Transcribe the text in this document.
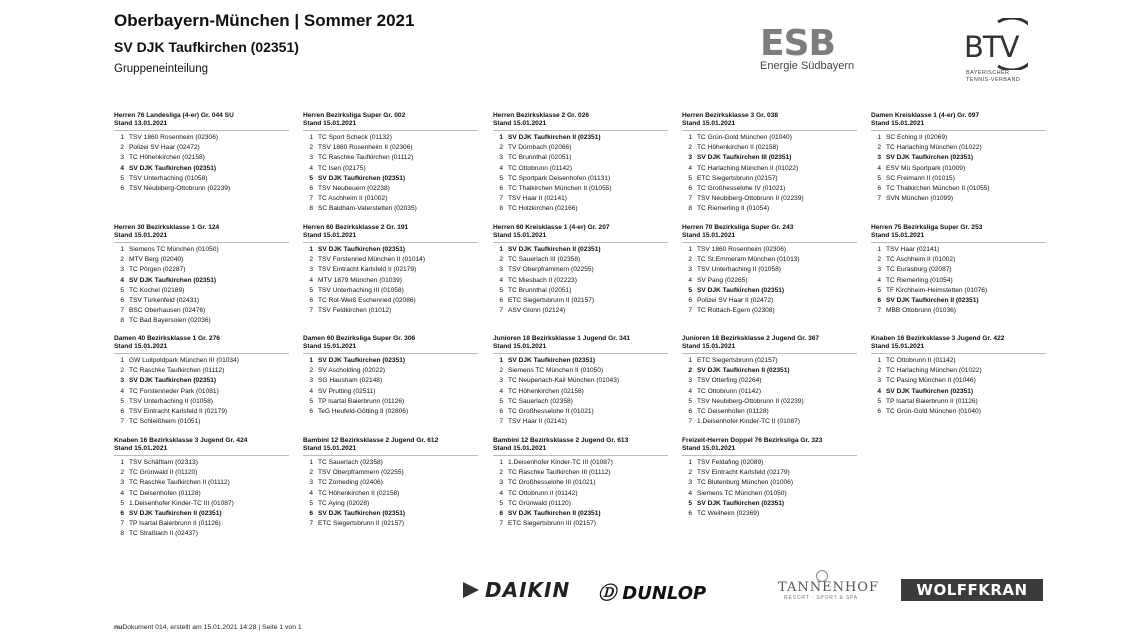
Oberbayern-München | Sommer 2021
SV DJK Taufkirchen (02351)
Gruppeneinteilung
ESB
Energie Südbayern
BTV
BAYERISCHER
TENNIS-VERBAND
Herren 76 Landesliga (4-er) Gr. 044 SU
Stand 13.01.2021
1 TSV 1860 Rosenheim (02306)
2 Polizei SV Haar (02472)
3 TC Höhenkirchen (02158)
4 SV DJK Taufkirchen (02351)
5 TSV Unterhaching (01058)
6 TSV Neubiberg-Ottobrunn (02239)
Herren Bezirksliga Super Gr. 002
Stand 15.01.2021
1 TC Sport Scheck (01132)
2 TSV 1860 Rosenheim II (02306)
3 TC Raschke Taufkirchen (01112)
4 TC Isen (02175)
5 SV DJK Taufkirchen (02351)
6 TSV Neubeuern (02238)
7 TC Aschheim II (01002)
8 SC Baldham-Vaterstetten (02035)
Herren Bezirksklasse 2 Gr. 026
Stand 15.01.2021
1 SV DJK Taufkirchen II (02351)
2 TV Dürnbach (02066)
3 TC Brunnthal (02051)
4 TC Ottobrunn (01142)
5 TC Sportpark Deisenhofen (01131)
6 TC Thalkirchen München II (01055)
7 TSV Haar II (02141)
8 TC Holzkirchen (02166)
Herren Bezirksklasse 3 Gr. 038
Stand 15.01.2021
1 TC Grün-Gold München (01040)
2 TC Höhenkirchen II (02158)
3 SV DJK Taufkirchen III (02351)
4 TC Harlaching München II (01022)
5 ETC Siegertsbrunn (02157)
6 TC Großhesselohe IV (01021)
7 TSV Neubiberg-Ottobrunn II (02239)
8 TC Riemerling II (01054)
Damen Kreisklasse 1 (4-er) Gr. 097
Stand 15.01.2021
1 SC Eching II (02069)
2 TC Harlaching München (01022)
3 SV DJK Taufkirchen (02351)
4 ESV Mü Sportpark (01009)
5 SC Freimann II (01015)
6 TC Thalkirchen München II (01055)
7 SVN München (01099)
Herren 30 Bezirksklasse 1 Gr. 124
Stand 15.01.2021
1 Siemens TC München (01050)
2 MTV Berg (02040)
3 TC Pörgen (02287)
4 SV DJK Taufkirchen (02351)
5 TC Kochel (02189)
6 TSV Türkenfeld (02431)
7 BSC Oberhausen (02476)
8 TC Bad Bayersoien (02036)
Herren 60 Bezirksklasse 2 Gr. 191
Stand 15.01.2021
1 SV DJK Taufkirchen (02351)
2 TSV Forstenried München II (01014)
3 TSV Eintracht Karlsfeld II (02179)
4 MTV 1879 München (01039)
5 TSV Unterhaching III (01058)
6 TC Rot-Weiß Eschenried (02086)
7 TSV Feldkirchen (01012)
Herren 60 Kreisklasse 1 (4-er) Gr. 207
Stand 15.01.2021
1 SV DJK Taufkirchen II (02351)
2 TC Sauerlach III (02358)
3 TSV Oberpframmern (02255)
4 TC Miesbach II (02223)
5 TC Brunnthal (02051)
6 ETC Siegertsbrunn II (02157)
7 ASV Glonn (02124)
Herren 70 Bezirksliga Super Gr. 243
Stand 15.01.2021
1 TSV 1860 Rosenheim (02306)
2 TC St.Emmeram München (01013)
3 TSV Unterhaching II (01058)
4 SV Pang (02265)
5 SV DJK Taufkirchen (02351)
6 Polizei SV Haar II (02472)
7 TC Rottach-Egern (02308)
Herren 75 Bezirksliga Super Gr. 253
Stand 15.01.2021
1 TSV Haar (02141)
2 TC Aschheim II (01002)
3 TC Eurasburg (02087)
4 TC Riemerling (01054)
5 TF Kirchheim-Heimstetten (01076)
6 SV DJK Taufkirchen II (02351)
7 MBB Ottobrunn (01036)
Damen 40 Bezirksklasse 1 Gr. 276
Stand 15.01.2021
1 GW Luitpoldpark München III (01034)
2 TC Raschke Taufkirchen (01112)
3 SV DJK Taufkirchen (02351)
4 TC Forstenrieder Park (01081)
5 TSV Unterhaching II (01058)
6 TSV Eintracht Karlsfeld II (02179)
7 TC Schleißheim (01051)
Damen 60 Bezirksliga Super Gr. 306
Stand 15.01.2021
1 SV DJK Taufkirchen (02351)
2 SV Ascholding (02022)
3 SG Hausham (02148)
4 SV Prutting (02511)
5 TP Isartal Baierbrunn (01126)
6 TeG Heufeld-Götting II (02806)
Junioren 18 Bezirksklasse 1 Jugend Gr. 341
Stand 15.01.2021
1 SV DJK Taufkirchen (02351)
2 Siemens TC München II (01050)
3 TC Neuperlach-Kail München (01043)
4 TC Höhenkirchen (02158)
5 TC Sauerlach (02358)
6 TC Großhesselohe II (01021)
7 TSV Haar II (02141)
Junioren 18 Bezirksklasse 2 Jugend Gr. 367
Stand 15.01.2021
1 ETC Siegertsbrunn (02157)
2 SV DJK Taufkirchen II (02351)
3 TSV Otterfing (02264)
4 TC Ottobrunn (01142)
5 TSV Neubiberg-Ottobrunn II (02239)
6 TC Deisenhofen (01128)
7 1.Deisenhofer Kinder-TC II (01087)
Knaben 16 Bezirksklasse 3 Jugend Gr. 422
Stand 15.01.2021
1 TC Ottobrunn II (01142)
2 TC Harlaching München (01022)
3 TC Pasing München II (01046)
4 SV DJK Taufkirchen (02351)
5 TP Isartal Baierbrunn II (01126)
6 TC Grün-Gold München (01040)
Knaben 16 Bezirksklasse 3 Jugend Gr. 424
Stand 15.01.2021
1 TSV Schäftlarn (02313)
2 TC Grünwald II (01120)
3 TC Raschke Taufkirchen II (01112)
4 TC Deisenhofen (01128)
5 1.Deisenhofer Kinder-TC III (01087)
6 SV DJK Taufkirchen II (02351)
7 TP Isartal Baierbrunn II (01126)
8 TC Straßlach II (02437)
Bambini 12 Bezirksklasse 2 Jugend Gr. 612
Stand 15.01.2021
1 TC Sauerlach (02358)
2 TSV Oberpframmern (02255)
3 TC Zorneding (02406)
4 TC Höhenkirchen II (02158)
5 TC Aying (02028)
6 SV DJK Taufkirchen (02351)
7 ETC Siegertsbrunn II (02157)
Bambini 12 Bezirksklasse 2 Jugend Gr. 613
Stand 15.01.2021
1 1.Deisenhofer Kinder-TC III (01087)
2 TC Raschke Taufkirchen III (01112)
3 TC Großhesselohe III (01021)
4 TC Ottobrunn II (01142)
5 TC Grünwald (01120)
6 SV DJK Taufkirchen II (02351)
7 ETC Siegertsbrunn III (02157)
Freizeit-Herren Doppel 76 Bezirksliga Gr. 323
Stand 15.01.2021
1 TSV Feldafing (02089)
2 TSV Eintracht Karlsfeld (02179)
3 TC Blutenburg München (01006)
4 Siemens TC München (01050)
5 SV DJK Taufkirchen (02351)
6 TC Weilheim (02369)
DAIKIN Ⓓ DUNLOP	TANNENHOF
RESORT · SPORT & SPA	WOLFFKRAN
nuDokument 014, erstellt am 15.01.2021 14:28 | Seite 1 von 1
